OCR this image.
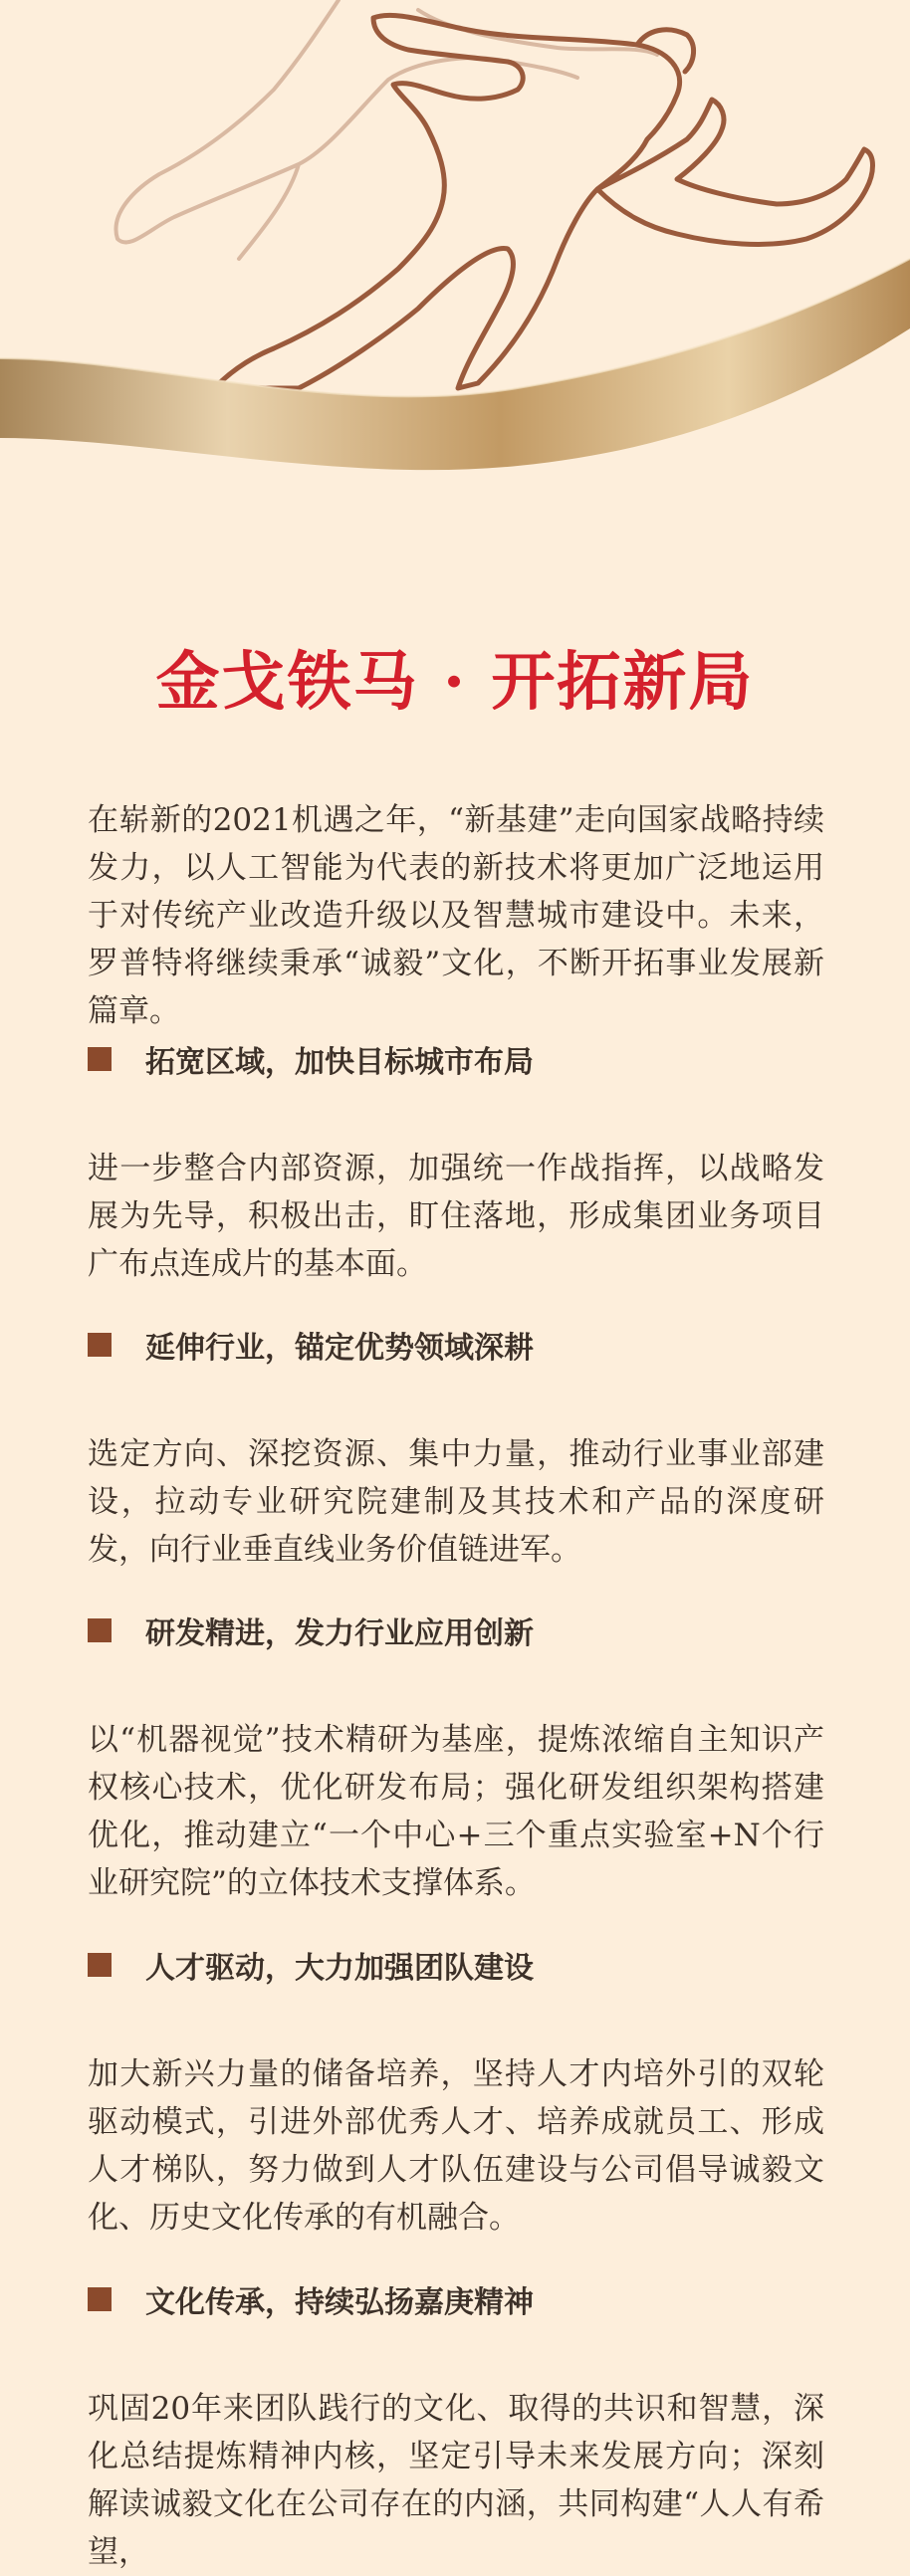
金戈铁马 · 开拓新局

在崭新的2021机遇之年，“新基建”走向国家战略持续发力，以人工智能为代表的新技术将更加广泛地运用于对传统产业改造升级以及智慧城市建设中。未来，罗普特将继续秉承“诚毅”文化，不断开拓事业发展新篇章。

拓宽区域，加快目标城市布局

进一步整合内部资源，加强统一作战指挥，以战略发展为先导，积极出击，盯住落地，形成集团业务项目广布点连成片的基本面。

延伸行业，锚定优势领域深耕

选定方向、深挖资源、集中力量，推动行业事业部建设，拉动专业研究院建制及其技术和产品的深度研发，向行业垂直线业务价值链进军。

研发精进，发力行业应用创新

以“机器视觉”技术精研为基座，提炼浓缩自主知识产权核心技术，优化研发布局；强化研发组织架构搭建优化，推动建立“一个中心+三个重点实验室+N个行业研究院”的立体技术支撑体系。

人才驱动，大力加强团队建设

加大新兴力量的储备培养，坚持人才内培外引的双轮驱动模式，引进外部优秀人才、培养成就员工、形成人才梯队，努力做到人才队伍建设与公司倡导诚毅文化、历史文化传承的有机融合。

文化传承，持续弘扬嘉庚精神

巩固20年来团队践行的文化、取得的共识和智慧，深化总结提炼精神内核，坚定引导未来发展方向；深刻解读诚毅文化在公司存在的内涵，共同构建“人人有希望，
